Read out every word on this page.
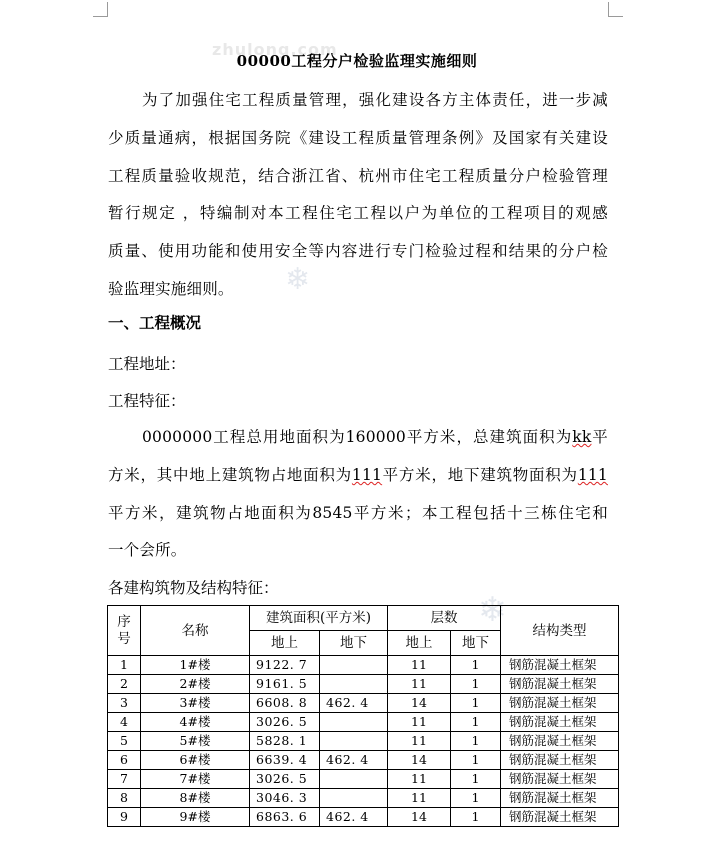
zhulong.com
❄
❄
00000工程分户检验监理实施细则
为了加强住宅工程质量管理，强化建设各方主体责任，进一步减
少质量通病，根据国务院《建设工程质量管理条例》及国家有关建设
工程质量验收规范，结合浙江省、杭州市住宅工程质量分户检验管理
暂行规定 ，特编制对本工程住宅工程以户为单位的工程项目的观感
质量、使用功能和使用安全等内容进行专门检验过程和结果的分户检
验监理实施细则。
一、工程概况
工程地址：
工程特征：
0000000工程总用地面积为160000平方米，总建筑面积为kk平
方米，其中地上建筑物占地面积为111平方米，地下建筑物面积为111
平方米，建筑物占地面积为8545平方米；本工程包括十三栋住宅和
一个会所。
各建构筑物及结构特征：
序号	名称	建筑面积(平方米)		层数		结构类型
		地上	地下	地上	地下	
1	1#楼	9122. 7		11	1	钢筋混凝土框架
2	2#楼	9161. 5		11	1	钢筋混凝土框架
3	3#楼	6608. 8	462. 4	14	1	钢筋混凝土框架
4	4#楼	3026. 5		11	1	钢筋混凝土框架
5	5#楼	5828. 1		11	1	钢筋混凝土框架
6	6#楼	6639. 4	462. 4	14	1	钢筋混凝土框架
7	7#楼	3026. 5		11	1	钢筋混凝土框架
8	8#楼	3046. 3		11	1	钢筋混凝土框架
9	9#楼	6863. 6	462. 4	14	1	钢筋混凝土框架
